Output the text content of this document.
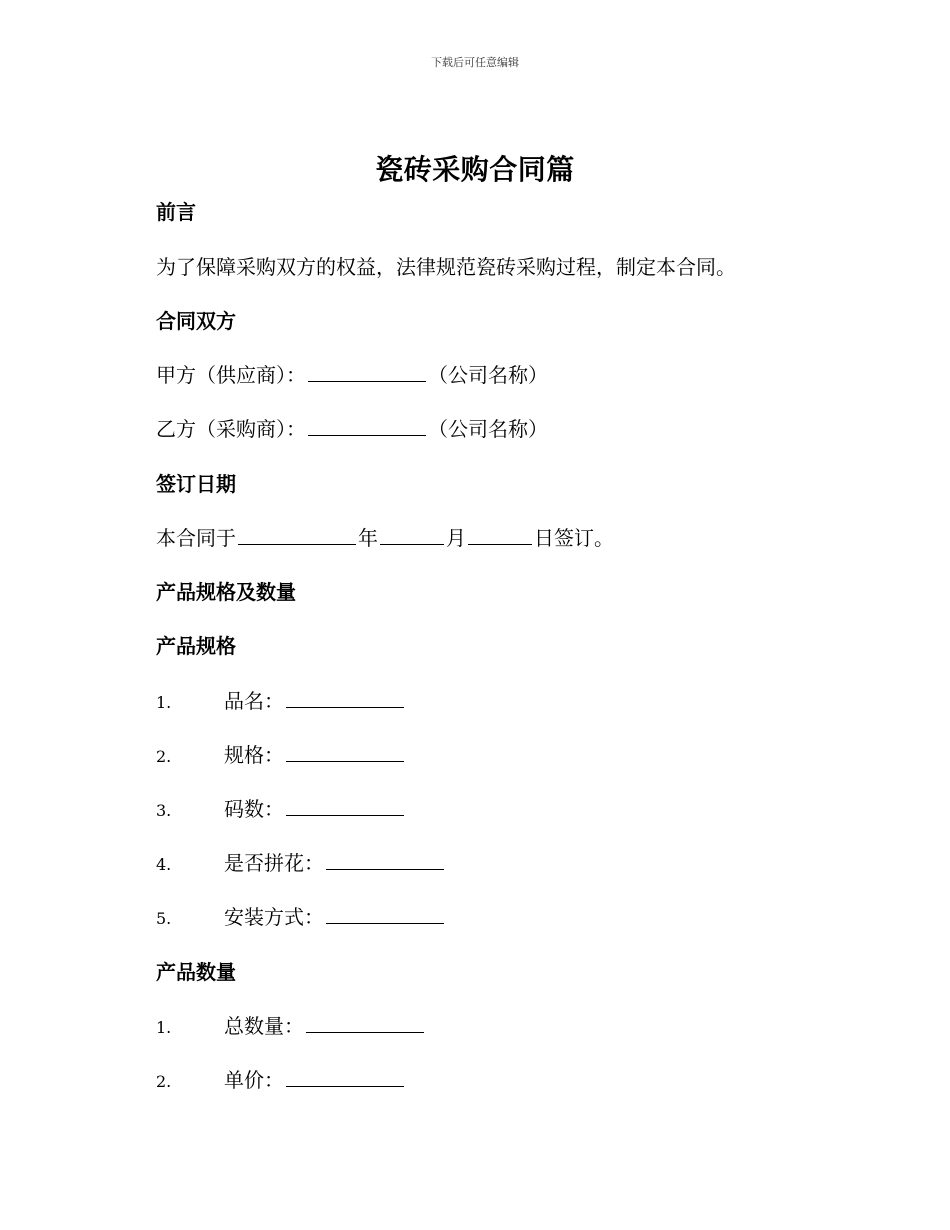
下载后可任意编辑
瓷砖采购合同篇
前言
为了保障采购双方的权益，法律规范瓷砖采购过程，制定本合同。
合同双方
甲方（供应商）：	（公司名称）
乙方（采购商）：	（公司名称）
签订日期
本合同于	年	月	日签订。
产品规格及数量
产品规格
1.	品名：
2.	规格：
3.	码数：
4.	是否拼花：
5.	安装方式：
产品数量
1.	总数量：
2.	单价：
